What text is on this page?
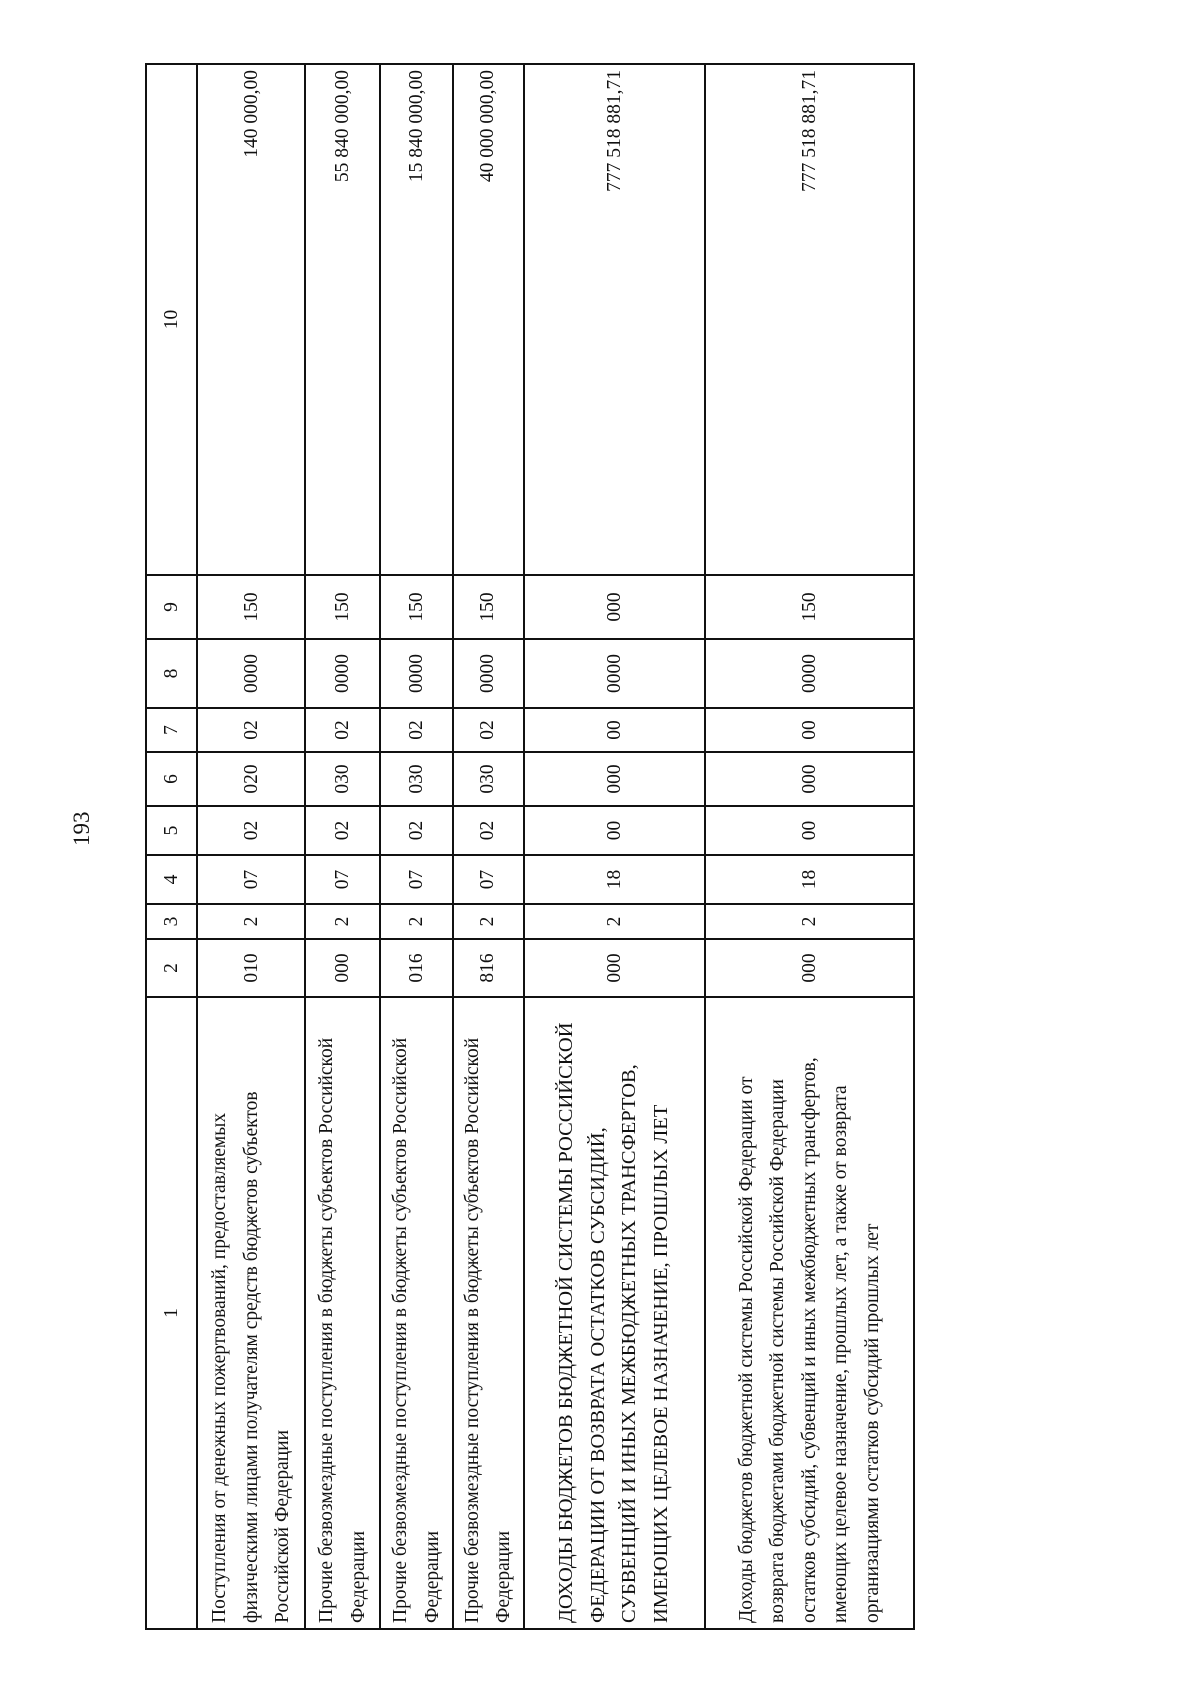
193
1	2	3	4	5	6	7	8	9	10
Поступления от денежных пожертвований, предоставляемых физическими лицами получателям средств бюджетов субъектов Российской Федерации	010	2	07	02	020	02	0000	150	140 000,00
Прочие безвозмездные поступления в бюджеты субъектов Российской Федерации	000	2	07	02	030	02	0000	150	55 840 000,00
Прочие безвозмездные поступления в бюджеты субъектов Российской Федерации	016	2	07	02	030	02	0000	150	15 840 000,00
Прочие безвозмездные поступления в бюджеты субъектов Российской Федерации	816	2	07	02	030	02	0000	150	40 000 000,00
ДОХОДЫ БЮДЖЕТОВ БЮДЖЕТНОЙ СИСТЕМЫ РОССИЙСКОЙ ФЕДЕРАЦИИ ОТ ВОЗВРАТА ОСТАТКОВ СУБСИДИЙ, СУБВЕНЦИЙ И ИНЫХ МЕЖБЮДЖЕТНЫХ ТРАНСФЕРТОВ, ИМЕЮЩИХ ЦЕЛЕВОЕ НАЗНАЧЕНИЕ, ПРОШЛЫХ ЛЕТ	000	2	18	00	000	00	0000	000	777 518 881,71
Доходы бюджетов бюджетной системы Российской Федерации от возврата бюджетами бюджетной системы Российской Федерации остатков субсидий, субвенций и иных межбюджетных трансфертов, имеющих целевое назначение, прошлых лет, а также от возврата организациями остатков субсидий прошлых лет	000	2	18	00	000	00	0000	150	777 518 881,71
